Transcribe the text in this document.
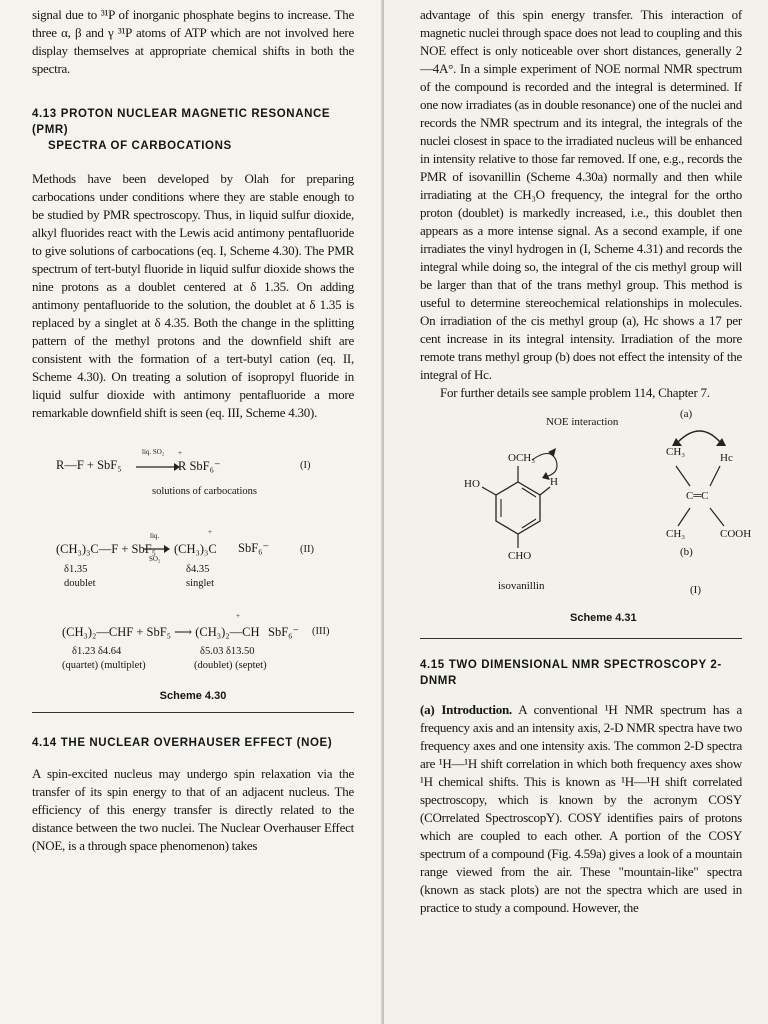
signal due to ³¹P of inorganic phosphate begins to increase. The three α, β and γ ³¹P atoms of ATP which are not involved here display themselves at appropriate chemical shifts in both the spectra.

4.13 PROTON NUCLEAR MAGNETIC RESONANCE (PMR)
SPECTRA OF CARBOCATIONS

Methods have been developed by Olah for preparing carbocations under conditions where they are stable enough to be studied by PMR spectroscopy. Thus, in liquid sulfur dioxide, alkyl fluorides react with the Lewis acid antimony pentafluoride to give solutions of carbocations (eq. I, Scheme 4.30). The PMR spectrum of tert-butyl fluoride in liquid sulfur dioxide shows the nine protons as a doublet centered at δ 1.35. On adding antimony pentafluoride to the solution, the doublet at δ 1.35 is replaced by a singlet at δ 4.35. Both the change in the splitting pattern of the methyl protons and the downfield shift are consistent with the formation of a tert-butyl cation (eq. II, Scheme 4.30). On treating a solution of isopropyl fluoride in liquid sulfur dioxide with antimony pentafluoride a more remarkable downfield shift is seen (eq. III, Scheme 4.30).

R—F + SbF₅
liq. SO₂ +
R SbF₆⁻	(I)
solutions of carbocations
(CH₃)₃C—F + SbF₅
liq.
SO₂
+
(CH₃)₃C SbF₆⁻	(II)
δ1.35
doublet
δ4.35
singlet
+
(CH₃)₂—CHF + SbF₅ ⟶ (CH₃)₂—CH SbF₆⁻ (III)
δ1.23 δ4.64
(quartet) (multiplet)
δ5.03 δ13.50
(doublet) (septet)
Scheme 4.30

4.14 THE NUCLEAR OVERHAUSER EFFECT (NOE)

A spin-excited nucleus may undergo spin relaxation via the transfer of its spin energy to that of an adjacent nucleus. The efficiency of this energy transfer is directly related to the distance between the two nuclei. The Nuclear Overhauser Effect (NOE, is a through space phenomenon) takes

advantage of this spin energy transfer. This interaction of magnetic nuclei through space does not lead to coupling and this NOE effect is only noticeable over short distances, generally 2—4A°. In a simple experiment of NOE normal NMR spectrum of the compound is recorded and the integral is determined. If one now irradiates (as in double resonance) one of the nuclei and records the NMR spectrum and its integral, the integrals of the nuclei closest in space to the irradiated nucleus will be enhanced in intensity relative to those far removed. If one, e.g., records the PMR of isovanillin (Scheme 4.30a) normally and then while irradiating at the CH₃O frequency, the integral for the ortho proton (doublet) is markedly increased, i.e., this doublet then appears as a more intense signal. As a second example, if one irradiates the vinyl hydrogen in (I, Scheme 4.31) and records the integral while doing so, the integral of the cis methyl group will be larger than that of the trans methyl group. This method is useful to determine stereochemical relationships in molecules. On irradiation of the cis methyl group (a), Hc shows a 17 per cent increase in its integral intensity. Irradiation of the more remote trans methyl group (b) does not effect the intensity of the integral of Hc.

For further details see sample problem 114, Chapter 7.

NOE interaction
OCH₃
HO	H
CHO
isovanillin
(a)
CH₃	Hc
C═C
CH₃	COOH
(b)
(I)
Scheme 4.31

4.15 TWO DIMENSIONAL NMR SPECTROSCOPY 2-DNMR

(a) Introduction. A conventional ¹H NMR spectrum has a frequency axis and an intensity axis, 2-D NMR spectra have two frequency axes and one intensity axis. The common 2-D spectra are ¹H—¹H shift correlation in which both frequency axes show ¹H chemical shifts. This is known as ¹H—¹H shift correlated spectroscopy, which is known by the acronym COSY (COrrelated SpectroscopY). COSY identifies pairs of protons which are coupled to each other. A portion of the COSY spectrum of a compound (Fig. 4.59a) gives a look of a mountain range viewed from the air. These "mountain-like" spectra (known as stack plots) are not the spectra which are used in practice to study a compound. However, the
